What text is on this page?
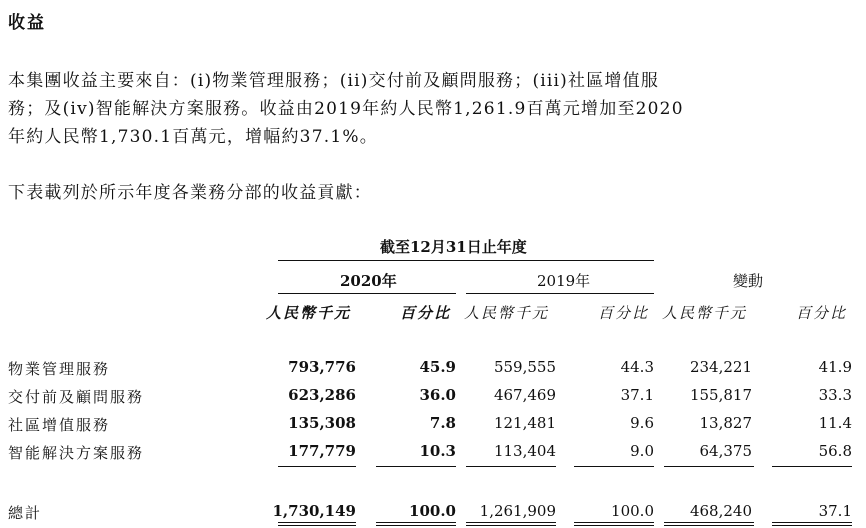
收益
本集團收益主要來自：(i)物業管理服務；(ii)交付前及顧問服務；(iii)社區增值服
務；及(iv)智能解決方案服務。收益由2019年約人民幣1,261.9百萬元增加至2020
年約人民幣1,730.1百萬元，增幅約37.1%。
下表載列於所示年度各業務分部的收益貢獻：
截至12月31日止年度
2020年	2019年	變動
人民幣千元	百分比 人民幣千元	百分比 人民幣千元	百分比
物業管理服務	793,776	45.9	559,555	44.3	234,221	41.9
交付前及顧問服務	623,286	36.0	467,469	37.1	155,817	33.3
社區增值服務	135,308	7.8	121,481	9.6	13,827	11.4
智能解決方案服務	177,779	10.3	113,404	9.0	64,375	56.8
總計	1,730,149	100.0	1,261,909	100.0	468,240	37.1
